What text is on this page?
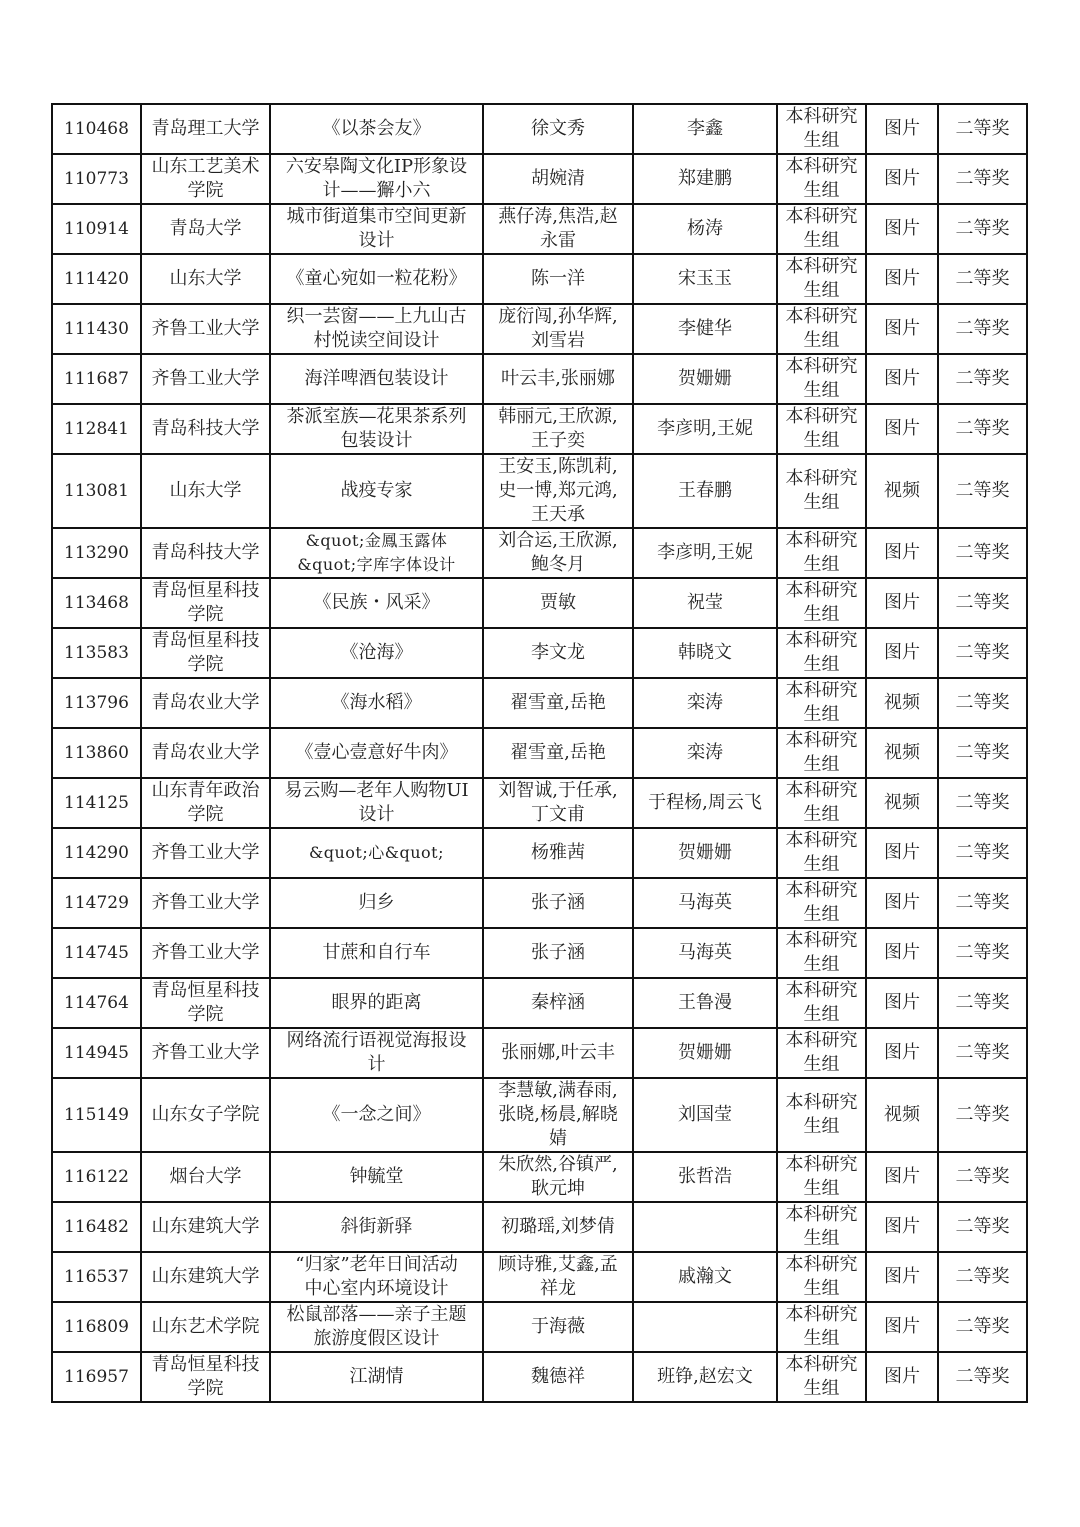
110468	青岛理工大学	《以茶会友》	徐文秀	李鑫	本科研究
生组	图片	二等奖
110773	山东工艺美术
学院	六安皋陶文化IP形象设
计——獬小六	胡婉清	郑建鹏	本科研究
生组	图片	二等奖
110914	青岛大学	城市街道集市空间更新
设计	燕仔涛,焦浩,赵
永雷	杨涛	本科研究
生组	图片	二等奖
111420	山东大学	《童心宛如一粒花粉》	陈一洋	宋玉玉	本科研究
生组	图片	二等奖
111430	齐鲁工业大学	织一芸窗——上九山古
村悦读空间设计	庞衍闯,孙华辉,
刘雪岩	李健华	本科研究
生组	图片	二等奖
111687	齐鲁工业大学	海洋啤酒包装设计	叶云丰,张丽娜	贺姗姗	本科研究
生组	图片	二等奖
112841	青岛科技大学	茶派室族—花果茶系列
包装设计	韩丽元,王欣源,
王子奕	李彦明,王妮	本科研究
生组	图片	二等奖
113081	山东大学	战疫专家	王安玉,陈凯莉,
史一博,郑元鸿,
王天承	王春鹏	本科研究
生组	视频	二等奖
113290	青岛科技大学	&quot;金鳳玉露体
&quot;字库字体设计	刘合运,王欣源,
鲍冬月	李彦明,王妮	本科研究
生组	图片	二等奖
113468	青岛恒星科技
学院	《民族・风采》	贾敏	祝莹	本科研究
生组	图片	二等奖
113583	青岛恒星科技
学院	《沧海》	李文龙	韩晓文	本科研究
生组	图片	二等奖
113796	青岛农业大学	《海水稻》	翟雪童,岳艳	栾涛	本科研究
生组	视频	二等奖
113860	青岛农业大学	《壹心壹意好牛肉》	翟雪童,岳艳	栾涛	本科研究
生组	视频	二等奖
114125	山东青年政治
学院	易云购—老年人购物UI
设计	刘智诚,于任承,
丁文甫	于程杨,周云飞	本科研究
生组	视频	二等奖
114290	齐鲁工业大学	&quot;心&quot;	杨雅茜	贺姗姗	本科研究
生组	图片	二等奖
114729	齐鲁工业大学	归乡	张子涵	马海英	本科研究
生组	图片	二等奖
114745	齐鲁工业大学	甘蔗和自行车	张子涵	马海英	本科研究
生组	图片	二等奖
114764	青岛恒星科技
学院	眼界的距离	秦梓涵	王鲁漫	本科研究
生组	图片	二等奖
114945	齐鲁工业大学	网络流行语视觉海报设
计	张丽娜,叶云丰	贺姗姗	本科研究
生组	图片	二等奖
115149	山东女子学院	《一念之间》	李慧敏,满春雨,
张晓,杨晨,解晓
婧	刘国莹	本科研究
生组	视频	二等奖
116122	烟台大学	钟毓堂	朱欣然,谷镇严,
耿元坤	张哲浩	本科研究
生组	图片	二等奖
116482	山东建筑大学	斜街新驿	初璐瑶,刘梦倩		本科研究
生组	图片	二等奖
116537	山东建筑大学	“归家”老年日间活动
中心室内环境设计	顾诗雅,艾鑫,孟
祥龙	戚瀚文	本科研究
生组	图片	二等奖
116809	山东艺术学院	松鼠部落——亲子主题
旅游度假区设计	于海薇		本科研究
生组	图片	二等奖
116957	青岛恒星科技
学院	江湖情	魏德祥	班铮,赵宏文	本科研究
生组	图片	二等奖
